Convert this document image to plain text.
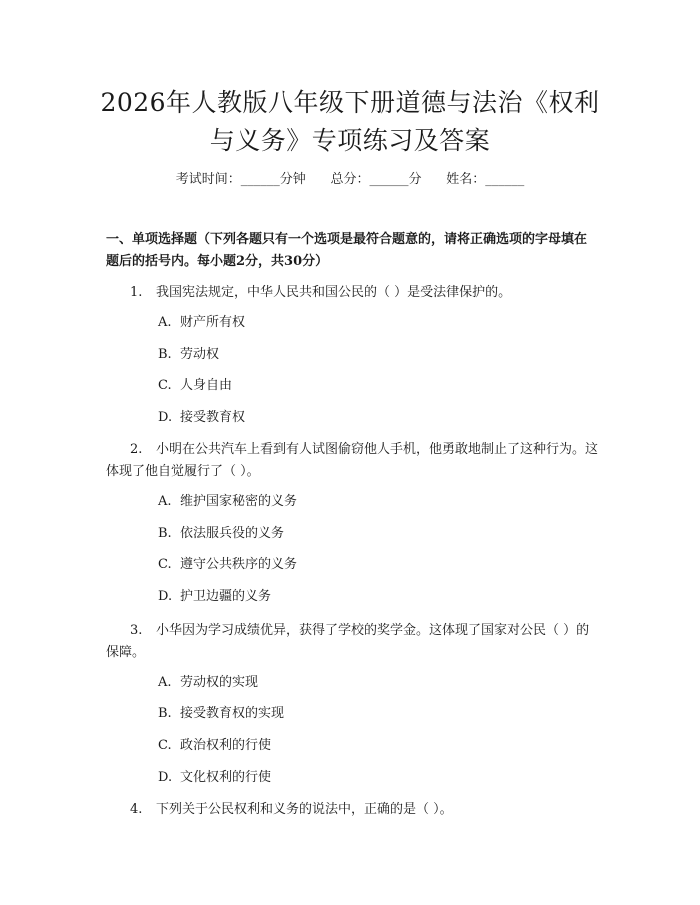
2026年人教版八年级下册道德与法治《权利
与义务》专项练习及答案
考试时间：______分钟      总分：______分      姓名：______
一、单项选择题（下列各题只有一个选项是最符合题意的，请将正确选项的字母填在题后的括号内。每小题2分，共30分）
1. 我国宪法规定，中华人民共和国公民的（ ）是受法律保护的。
A. 财产所有权
B. 劳动权
C. 人身自由
D. 接受教育权
2. 小明在公共汽车上看到有人试图偷窃他人手机，他勇敢地制止了这种行为。这体现了他自觉履行了（ ）。
A. 维护国家秘密的义务
B. 依法服兵役的义务
C. 遵守公共秩序的义务
D. 护卫边疆的义务
3. 小华因为学习成绩优异，获得了学校的奖学金。这体现了国家对公民（ ）的保障。
A. 劳动权的实现
B. 接受教育权的实现
C. 政治权利的行使
D. 文化权利的行使
4. 下列关于公民权利和义务的说法中，正确的是（ ）。
